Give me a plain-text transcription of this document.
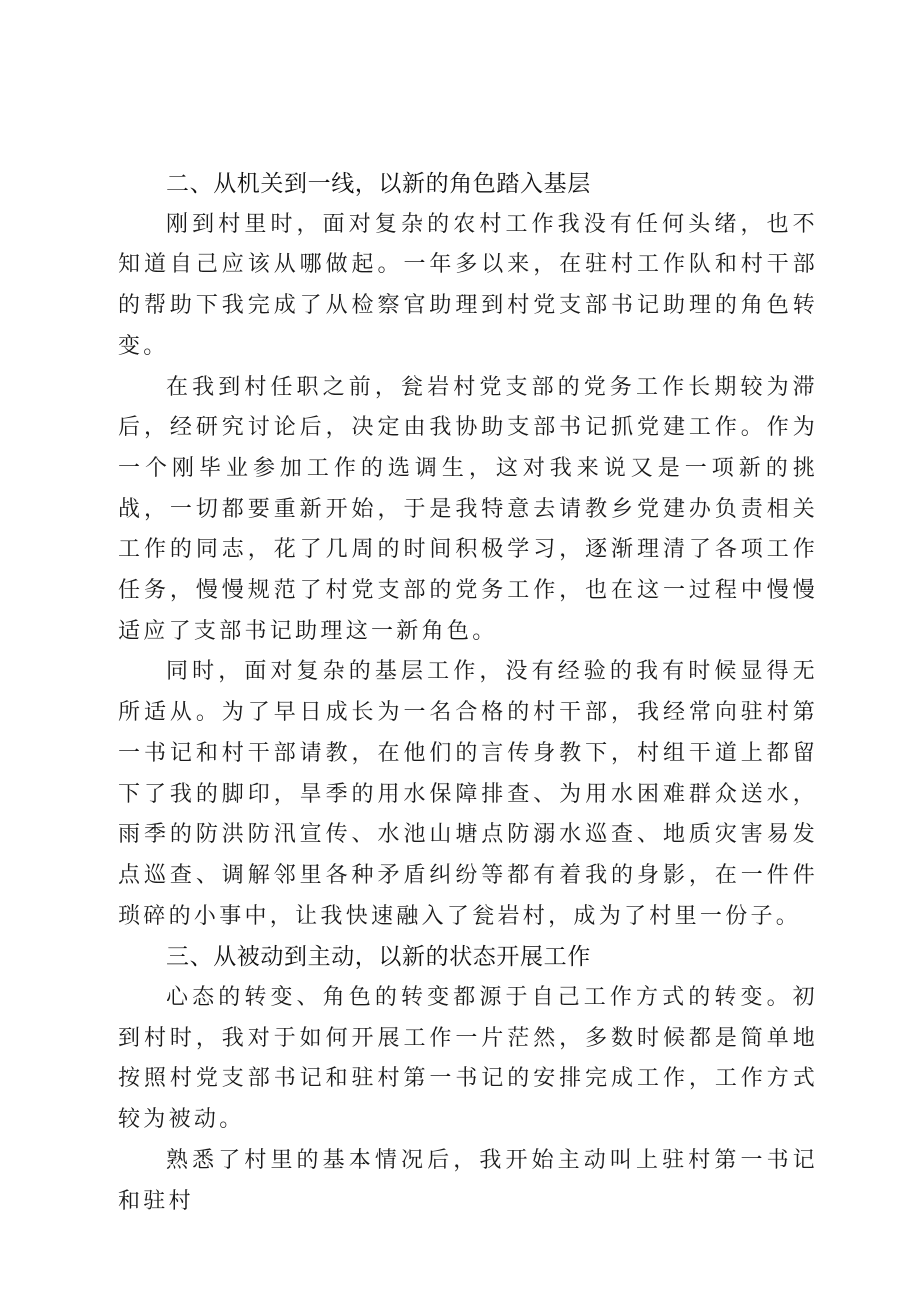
二、从机关到一线，以新的角色踏入基层

刚到村里时，面对复杂的农村工作我没有任何头绪，也不知道自己应该从哪做起。一年多以来，在驻村工作队和村干部的帮助下我完成了从检察官助理到村党支部书记助理的角色转变。

在我到村任职之前，瓮岩村党支部的党务工作长期较为滞后，经研究讨论后，决定由我协助支部书记抓党建工作。作为一个刚毕业参加工作的选调生，这对我来说又是一项新的挑战，一切都要重新开始，于是我特意去请教乡党建办负责相关工作的同志，花了几周的时间积极学习，逐渐理清了各项工作任务，慢慢规范了村党支部的党务工作，也在这一过程中慢慢适应了支部书记助理这一新角色。

同时，面对复杂的基层工作，没有经验的我有时候显得无所适从。为了早日成长为一名合格的村干部，我经常向驻村第一书记和村干部请教，在他们的言传身教下，村组干道上都留下了我的脚印，旱季的用水保障排查、为用水困难群众送水，雨季的防洪防汛宣传、水池山塘点防溺水巡查、地质灾害易发点巡查、调解邻里各种矛盾纠纷等都有着我的身影，在一件件琐碎的小事中，让我快速融入了瓮岩村，成为了村里一份子。

三、从被动到主动，以新的状态开展工作

心态的转变、角色的转变都源于自己工作方式的转变。初到村时，我对于如何开展工作一片茫然，多数时候都是简单地按照村党支部书记和驻村第一书记的安排完成工作，工作方式较为被动。

熟悉了村里的基本情况后，我开始主动叫上驻村第一书记和驻村
